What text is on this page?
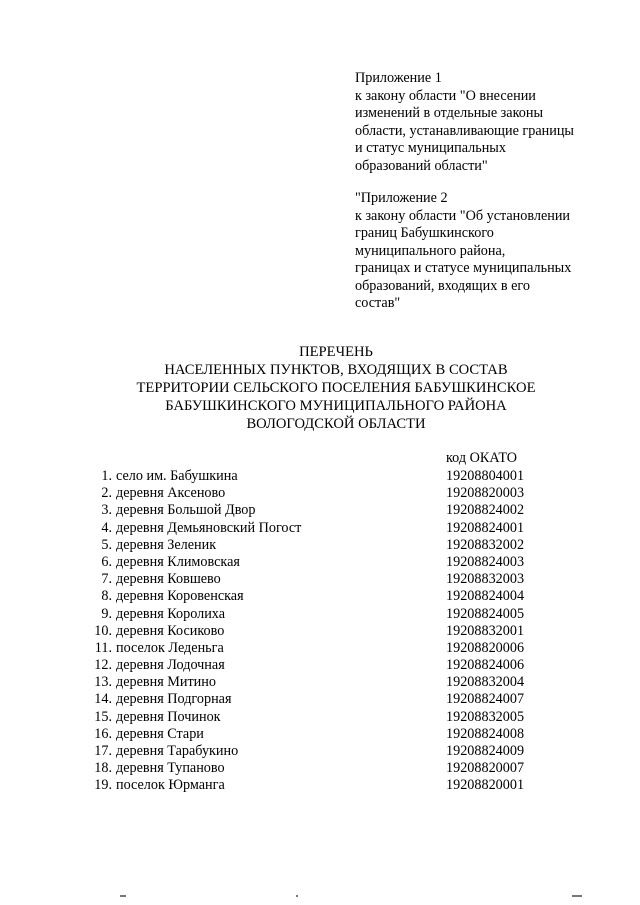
Приложение 1
к закону области "О внесении
изменений в отдельные законы
области, устанавливающие границы
и статус муниципальных
образований области"
"Приложение 2
к закону области "Об установлении
границ Бабушкинского
муниципального района,
границах и статусе муниципальных
образований, входящих в его
состав"
ПЕРЕЧЕНЬ
НАСЕЛЕННЫХ ПУНКТОВ, ВХОДЯЩИХ В СОСТАВ
ТЕРРИТОРИИ СЕЛЬСКОГО ПОСЕЛЕНИЯ БАБУШКИНСКОЕ
БАБУШКИНСКОГО МУНИЦИПАЛЬНОГО РАЙОНА
ВОЛОГОДСКОЙ ОБЛАСТИ
код ОКАТО
1. село им. Бабушкина	19208804001
2. деревня Аксеново	19208820003
3. деревня Большой Двор	19208824002
4. деревня Демьяновский Погост	19208824001
5. деревня Зеленик	19208832002
6. деревня Климовская	19208824003
7. деревня Ковшево	19208832003
8. деревня Коровенская	19208824004
9. деревня Королиха	19208824005
10. деревня Косиково	19208832001
11. поселок Леденьга	19208820006
12. деревня Лодочная	19208824006
13. деревня Митино	19208832004
14. деревня Подгорная	19208824007
15. деревня Починок	19208832005
16. деревня Стари	19208824008
17. деревня Тарабукино	19208824009
18. деревня Тупаново	19208820007
19. поселок Юрманга	19208820001
